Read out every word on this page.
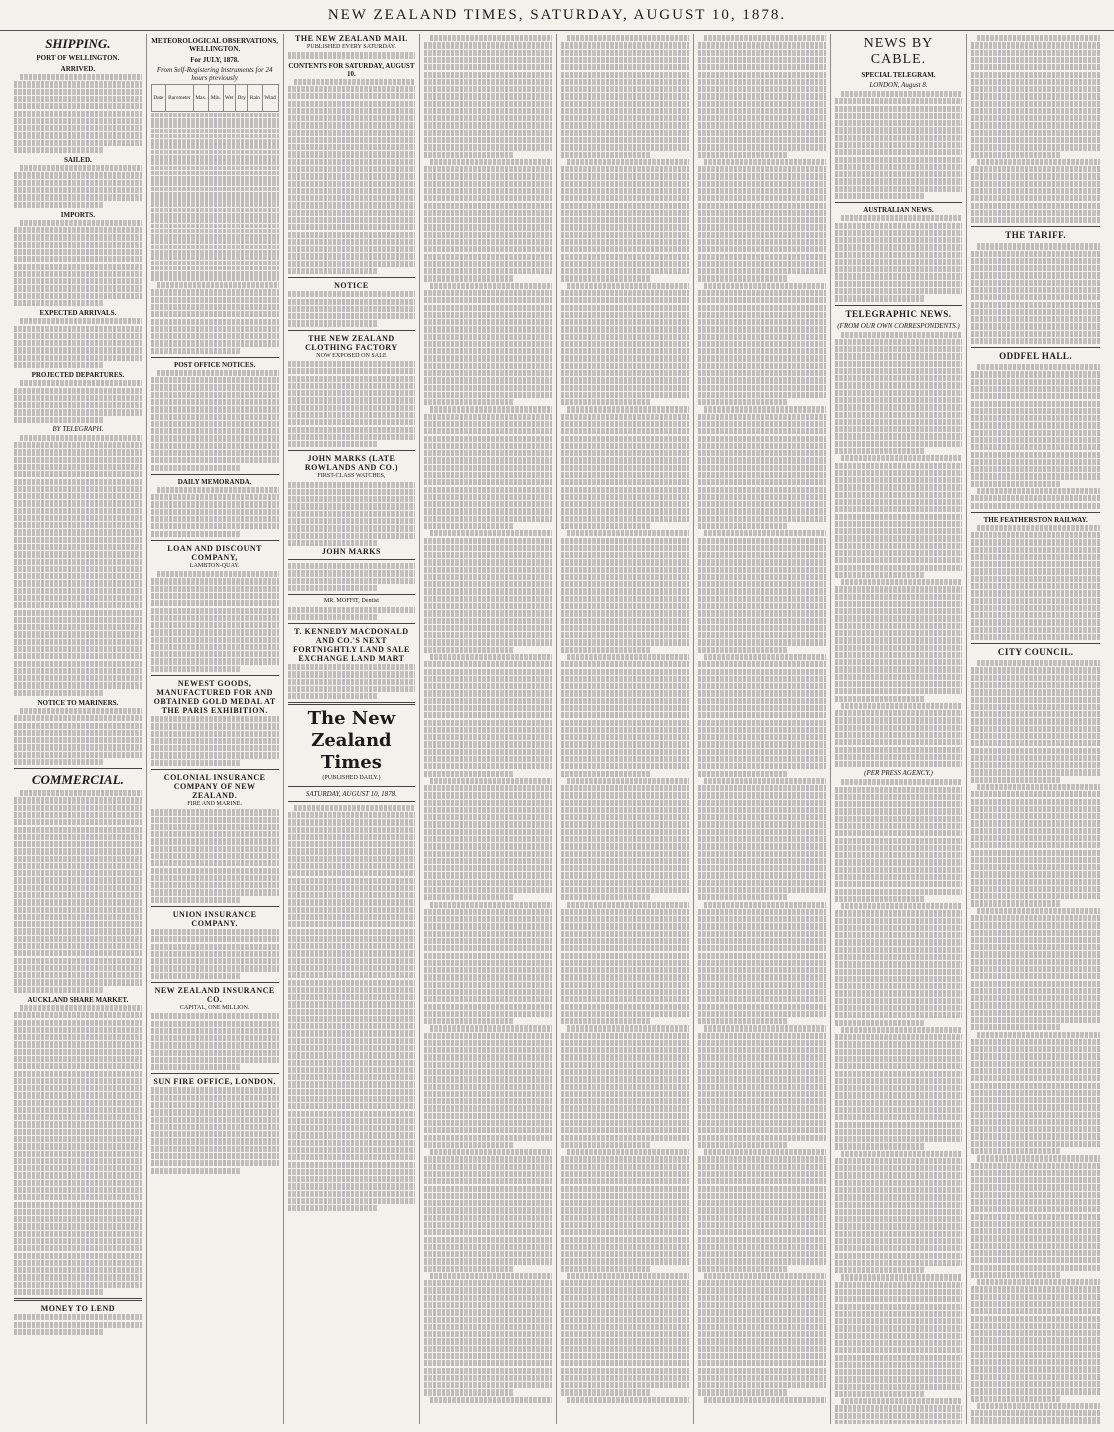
NEW ZEALAND TIMES, SATURDAY, AUGUST 10, 1878.
SHIPPING.
PORT OF WELLINGTON.
ARRIVED.
SAILED.
IMPORTS.
EXPECTED ARRIVALS.
PROJECTED DEPARTURES.
BY TELEGRAPH.
NOTICE TO MARINERS.
COMMERCIAL.
AUCKLAND SHARE MARKET.
MONEY TO LEND
METEOROLOGICAL OBSERVATIONS, WELLINGTON.
For JULY, 1878.
From Self-Registering Instruments for 24 hours previously
Date	Barometer	Max.	Min.	Wet	Dry	Rain	Wind
POST OFFICE NOTICES.
DAILY MEMORANDA.
LOAN AND DISCOUNT COMPANY,
LAMBTON-QUAY.
NEWEST GOODS, MANUFACTURED FOR AND OBTAINED GOLD MEDAL AT THE PARIS EXHIBITION.
COLONIAL INSURANCE COMPANY OF NEW ZEALAND.
FIRE AND MARINE.
UNION INSURANCE COMPANY.
NEW ZEALAND INSURANCE CO.
CAPITAL, ONE MILLION.
SUN FIRE OFFICE, LONDON.
THE NEW ZEALAND MAIL
PUBLISHED EVERY SATURDAY.
CONTENTS FOR SATURDAY, AUGUST 10.
NOTICE
THE NEW ZEALAND CLOTHING FACTORY
NOW EXPOSED ON SALE
JOHN MARKS (LATE ROWLANDS AND CO.)
FIRST-CLASS WATCHES,
JOHN MARKS
MR. MOFFIT, Dentist
T. KENNEDY MACDONALD AND CO.'S NEXT FORTNIGHTLY LAND SALE
EXCHANGE LAND MART
The New Zealand Times
(PUBLISHED DAILY.)
SATURDAY, AUGUST 10, 1878.
NEWS BY CABLE.
SPECIAL TELEGRAM.
LONDON, August 8.
AUSTRALIAN NEWS.
TELEGRAPHIC NEWS.
(FROM OUR OWN CORRESPONDENTS.)
(PER PRESS AGENCY.)
THE TARIFF.
ODDFEL HALL.
THE FEATHERSTON RAILWAY.
CITY COUNCIL.
